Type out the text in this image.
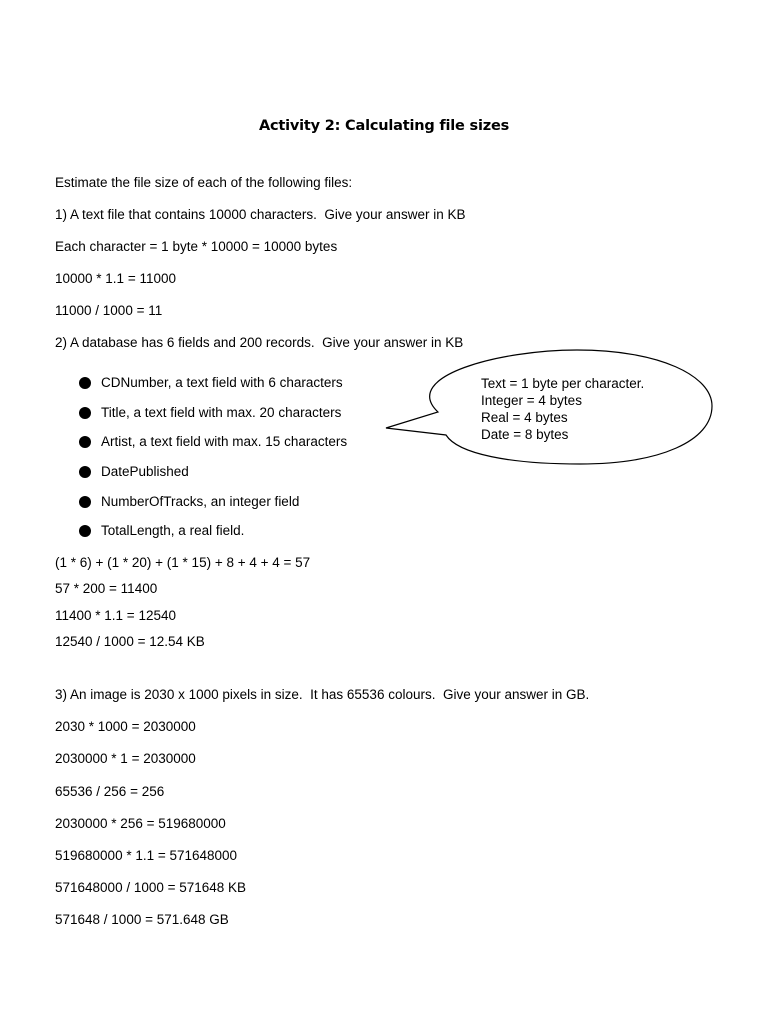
Activity 2: Calculating file sizes
Estimate the file size of each of the following files:
1) A text file that contains 10000 characters.  Give your answer in KB
Each character = 1 byte * 10000 = 10000 bytes
10000 * 1.1 = 11000
11000 / 1000 = 11
2) A database has 6 fields and 200 records.  Give your answer in KB
CDNumber, a text field with 6 characters
Title, a text field with max. 20 characters
Artist, a text field with max. 15 characters
DatePublished
NumberOfTracks, an integer field
TotalLength, a real field.
Text = 1 byte per character.
Integer = 4 bytes
Real = 4 bytes
Date = 8 bytes
(1 * 6) + (1 * 20) + (1 * 15) + 8 + 4 + 4 = 57
57 * 200 = 11400
11400 * 1.1 = 12540
12540 / 1000 = 12.54 KB
3) An image is 2030 x 1000 pixels in size.  It has 65536 colours.  Give your answer in GB.
2030 * 1000 = 2030000
2030000 * 1 = 2030000
65536 / 256 = 256
2030000 * 256 = 519680000
519680000 * 1.1 = 571648000
571648000 / 1000 = 571648 KB
571648 / 1000 = 571.648 GB
